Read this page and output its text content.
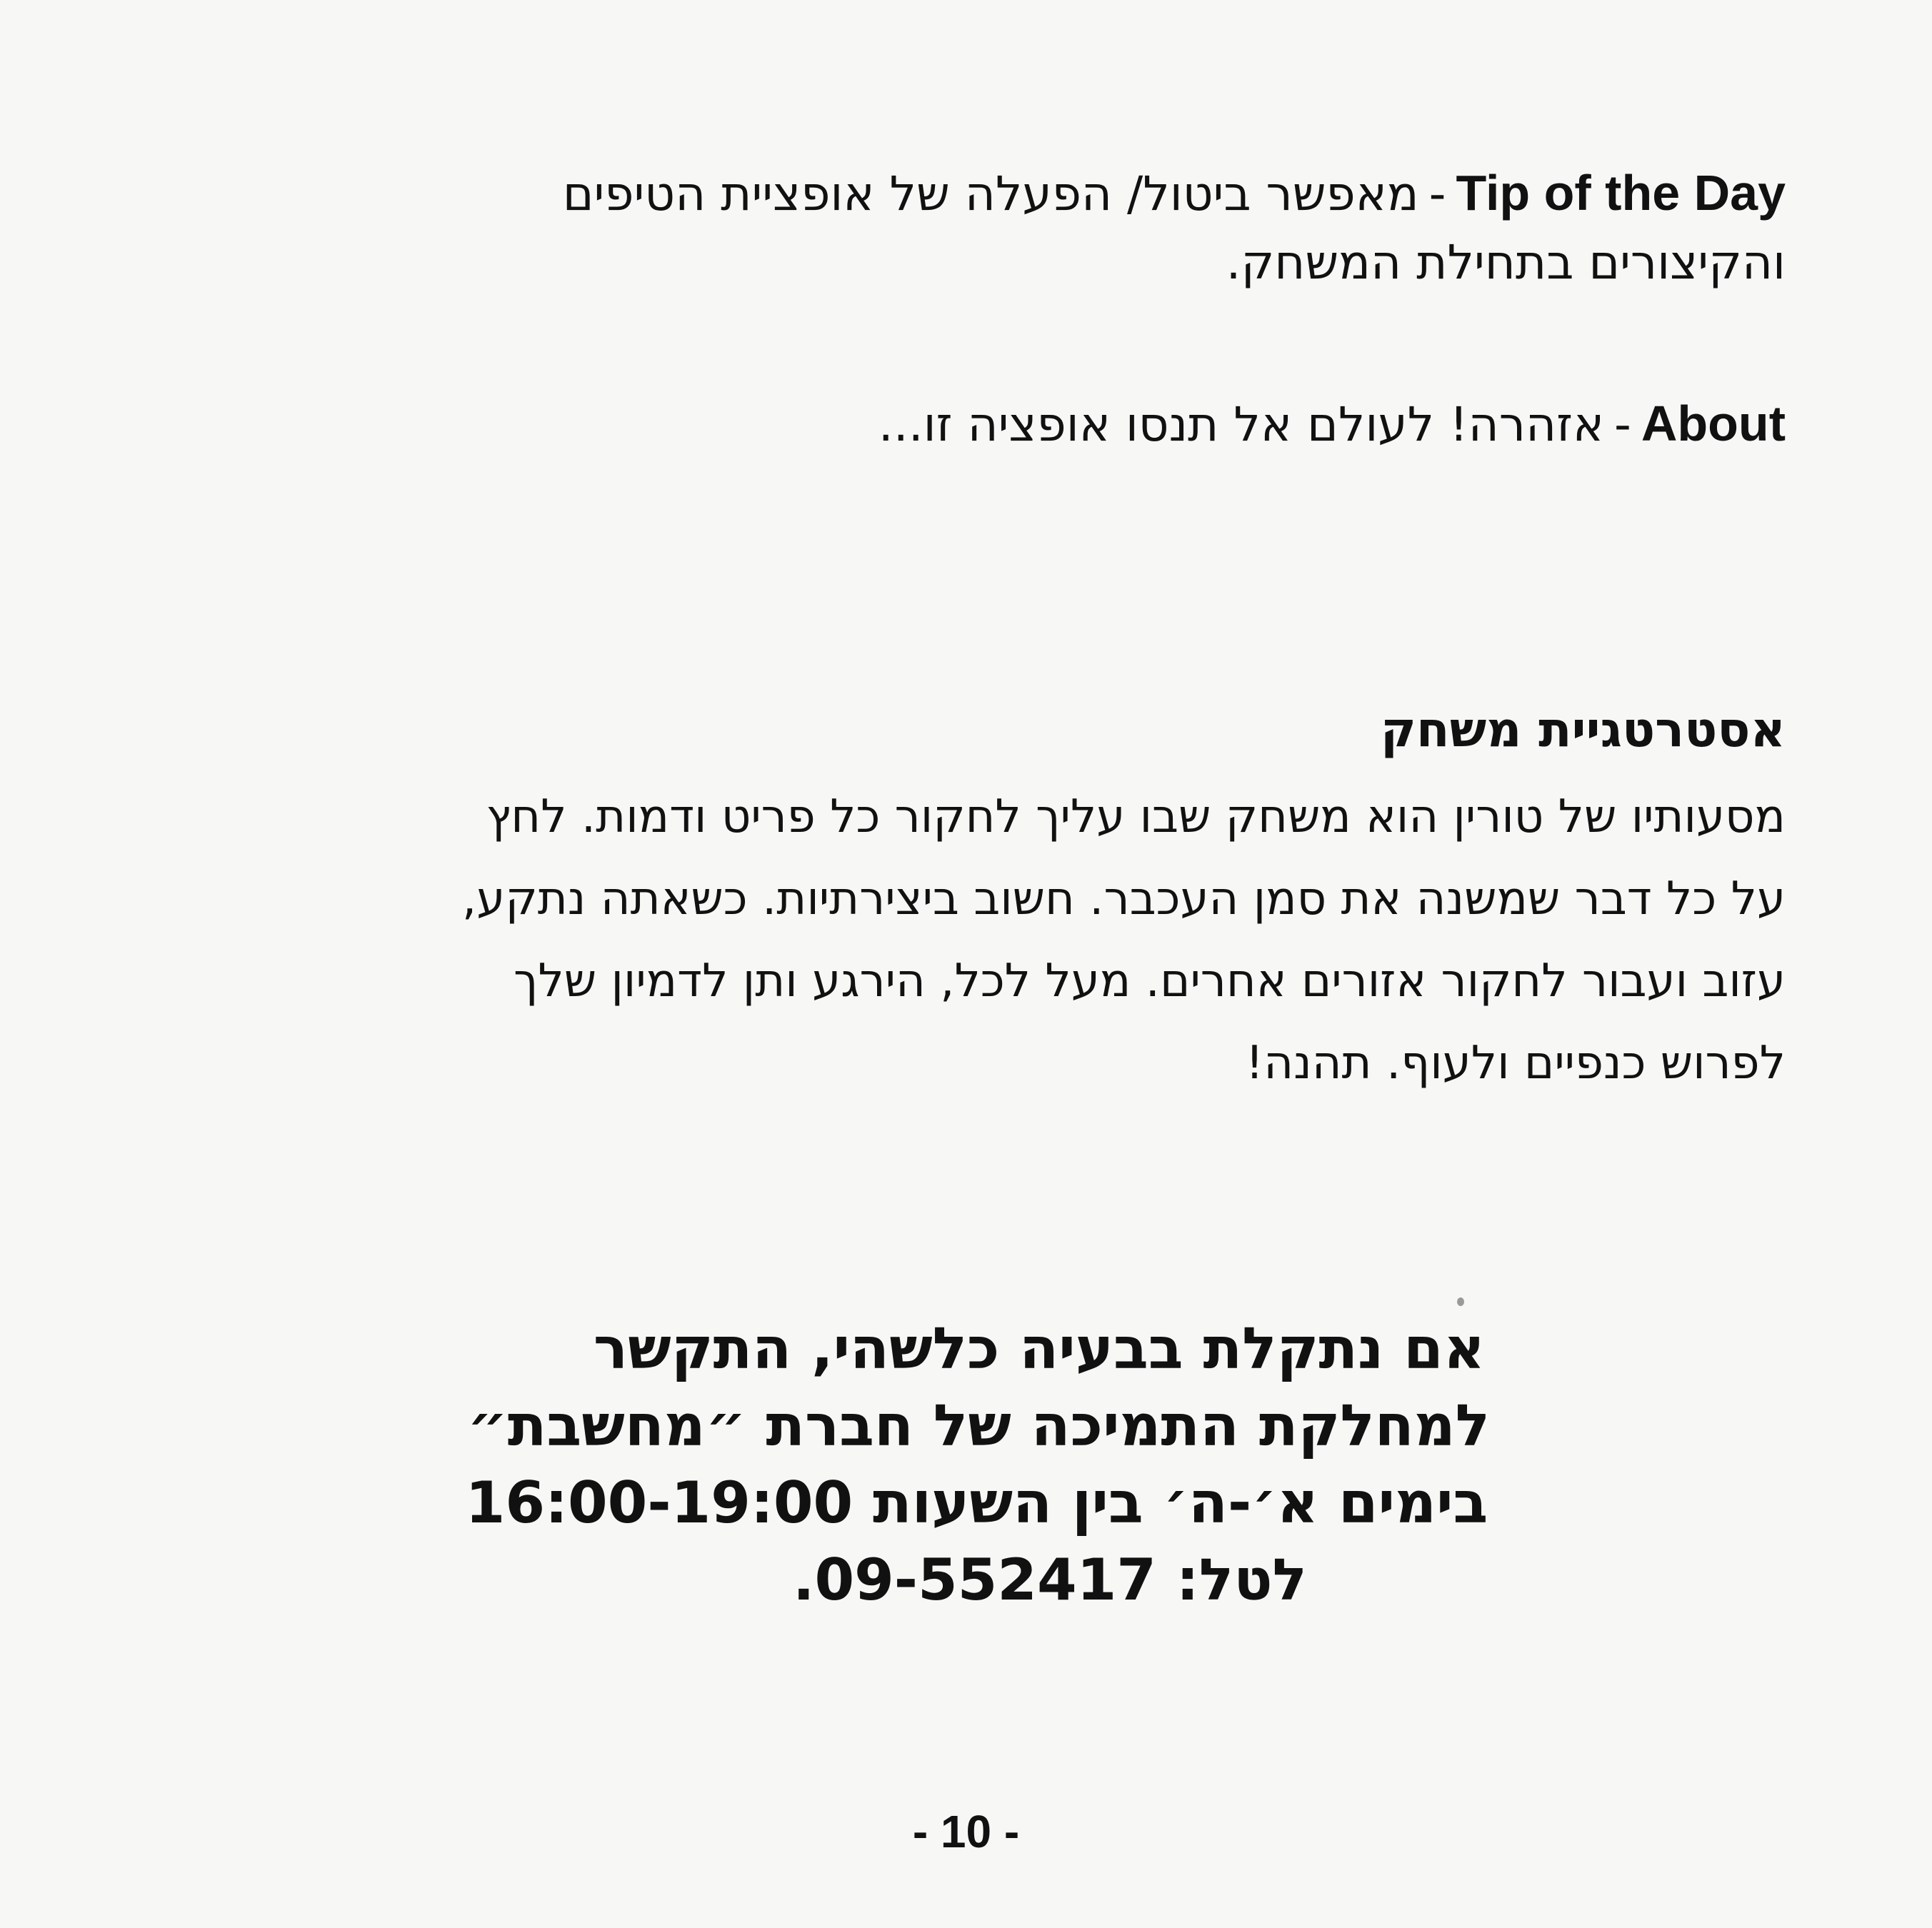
Tip of the Day-מאפשר ביטול/ הפעלה של אופציית הטיפים
והקיצורים בתחילת המשחק.
About-אזהרה! לעולם אל תנסו אופציה זו...
אסטרטגיית משחק
מסעותיו של טורין הוא משחק שבו עליך לחקור כל פריט ודמות. לחץ
על כל דבר שמשנה את סמן העכבר. חשוב ביצירתיות. כשאתה נתקע,
עזוב ועבור לחקור אזורים אחרים. מעל לכל, הירגע ותן לדמיון שלך
לפרוש כנפיים ולעוף. תהנה!
אם נתקלת בבעיה כלשהי, התקשר
למחלקת התמיכה של חברת ״מחשבת״
בימים א׳-ה׳ בין השעות 16:00-19:00
לטל: 09-552417.
- 10 -
